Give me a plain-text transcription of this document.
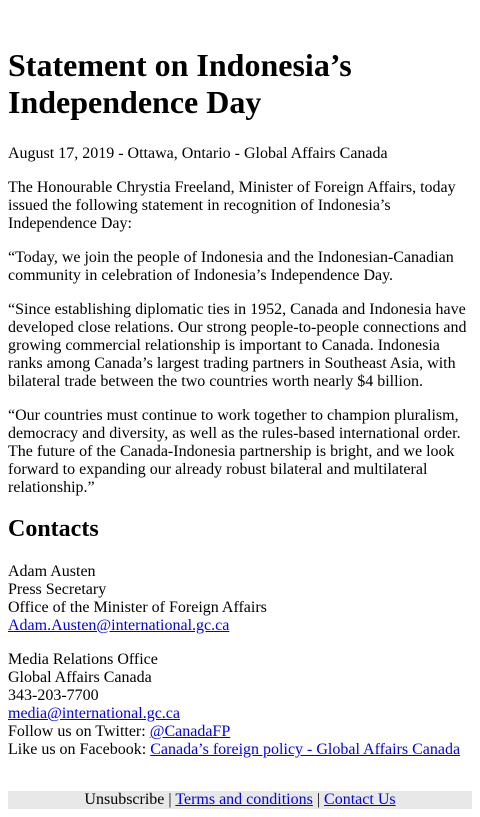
Statement on Indonesia’s Independence Day

August 17, 2019 - Ottawa, Ontario - Global Affairs Canada

The Honourable Chrystia Freeland, Minister of Foreign Affairs, today issued the following statement in recognition of Indonesia’s Independence Day:

“Today, we join the people of Indonesia and the Indonesian-Canadian community in celebration of Indonesia’s Independence Day.

“Since establishing diplomatic ties in 1952, Canada and Indonesia have developed close relations. Our strong people-to-people connections and growing commercial relationship is important to Canada. Indonesia ranks among Canada’s largest trading partners in Southeast Asia, with bilateral trade between the two countries worth nearly $4 billion.

“Our countries must continue to work together to champion pluralism, democracy and diversity, as well as the rules-based international order. The future of the Canada-Indonesia partnership is bright, and we look forward to expanding our already robust bilateral and multilateral relationship.”

Contacts
Adam Austen
Press Secretary
Office of the Minister of Foreign Affairs
Adam.Austen@international.gc.ca
Media Relations Office
Global Affairs Canada
343-203-7700
media@international.gc.ca
Follow us on Twitter: @CanadaFP
Like us on Facebook: Canada’s foreign policy - Global Affairs Canada
Unsubscribe | Terms and conditions | Contact Us
